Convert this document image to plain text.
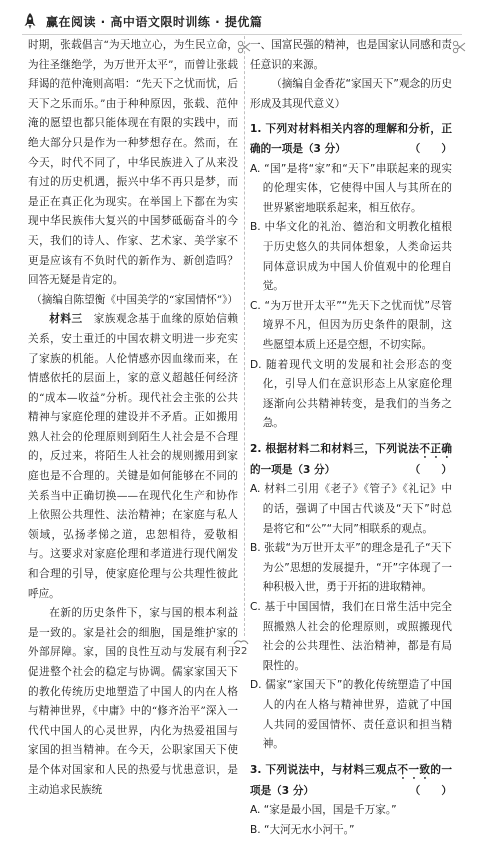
赢在阅读 · 高中语文限时训练 · 提优篇

时期，张载倡言“为天地立心，为生民立命，为往圣继绝学，为万世开太平”，而曾让张载拜谒的范仲淹则高唱：“先天下之忧而忧，后天下之乐而乐。”由于种种原因，张载、范仲淹的愿望也都只能体现在有限的实践中，而绝大部分只是作为一种梦想存在。然而，在今天，时代不同了，中华民族进入了从来没有过的历史机遇，振兴中华不再只是梦，而是正在真正化为现实。在举国上下都在为实现中华民族伟大复兴的中国梦砥砺奋斗的今天，我们的诗人、作家、艺术家、美学家不更是应该有不负时代的新作为、新创造吗？回答无疑是肯定的。

（摘编自陈望衡《中国美学的“家国情怀”》）

材料三　家族观念基于血缘的原始信赖关系，安土重迁的中国农耕文明进一步充实了家族的机能。人伦情感亦因血缘而来，在情感依托的层面上，家的意义超越任何经济的“成本—收益”分析。现代社会主张的公共精神与家庭伦理的建设并不矛盾。正如搬用熟人社会的伦理原则到陌生人社会是不合理的，反过来，将陌生人社会的规则搬用到家庭也是不合理的。关键是如何能够在不同的关系当中正确切换——在现代化生产和协作上依照公共理性、法治精神；在家庭与私人领域，弘扬孝悌之道，忠恕相待，爱敬相与。这要求对家庭伦理和孝道进行现代阐发和合理的引导，使家庭伦理与公共理性彼此呼应。

在新的历史条件下，家与国的根本利益是一致的。家是社会的细胞，国是维护家的外部屏障。家，国的良性互动与发展有利于促进整个社会的稳定与协调。儒家家国天下的教化传统历史地塑造了中国人的内在人格与精神世界，《中庸》中的“修齐治平”深入一代代中国人的心灵世界，内化为热爱祖国与家国的担当精神。在今天，公职家国天下使是个体对国家和人民的热爱与忧患意识，是主动追求民族统

一、国富民强的精神，也是国家认同感和责任意识的来源。

（摘编自金香花“家国天下”观念的历史形成及其现代意义）

1. 下列对材料相关内容的理解和分析，正确的一项是（3 分）	（　　）

A. “国”是将“家”和“天下”串联起来的现实的伦理实体，它使得中国人与其所在的世界紧密地联系起来，相互依存。

B. 中华文化的礼治、德治和文明教化植根于历史悠久的共同体想象，人类命运共同体意识成为中国人价值观中的伦理自觉。

C. “为万世开太平”“先天下之忧而忧”尽管境界不凡，但因为历史条件的限制，这些愿望本质上还是空想，不切实际。

D. 随着现代文明的发展和社会形态的变化，引导人们在意识形态上从家庭伦理逐渐向公共精神转变，是我们的当务之急。

2. 根据材料二和材料三，下列说法不正确的一项是（3 分）	（　　）

A. 材料二引用《老子》《管子》《礼记》中的话，强调了中国古代谈及“天下”时总是将它和“公”“大同”相联系的观点。

B. 张载“为万世开太平”的理念是孔子“天下为公”思想的发展提升，“开”字体现了一种积极入世，勇于开拓的进取精神。

C. 基于中国国情，我们在日常生活中完全照搬熟人社会的伦理原则，或照搬现代社会的公共理性、法治精神，都是有局限性的。

D. 儒家“家国天下”的教化传统塑造了中国人的内在人格与精神世界，造就了中国人共同的爱国情怀、责任意识和担当精神。

3. 下列说法中，与材料三观点不一致的一项是（3 分）	（　　）

A. “家是最小国，国是千万家。”

B. “大河无水小河干。”

22
